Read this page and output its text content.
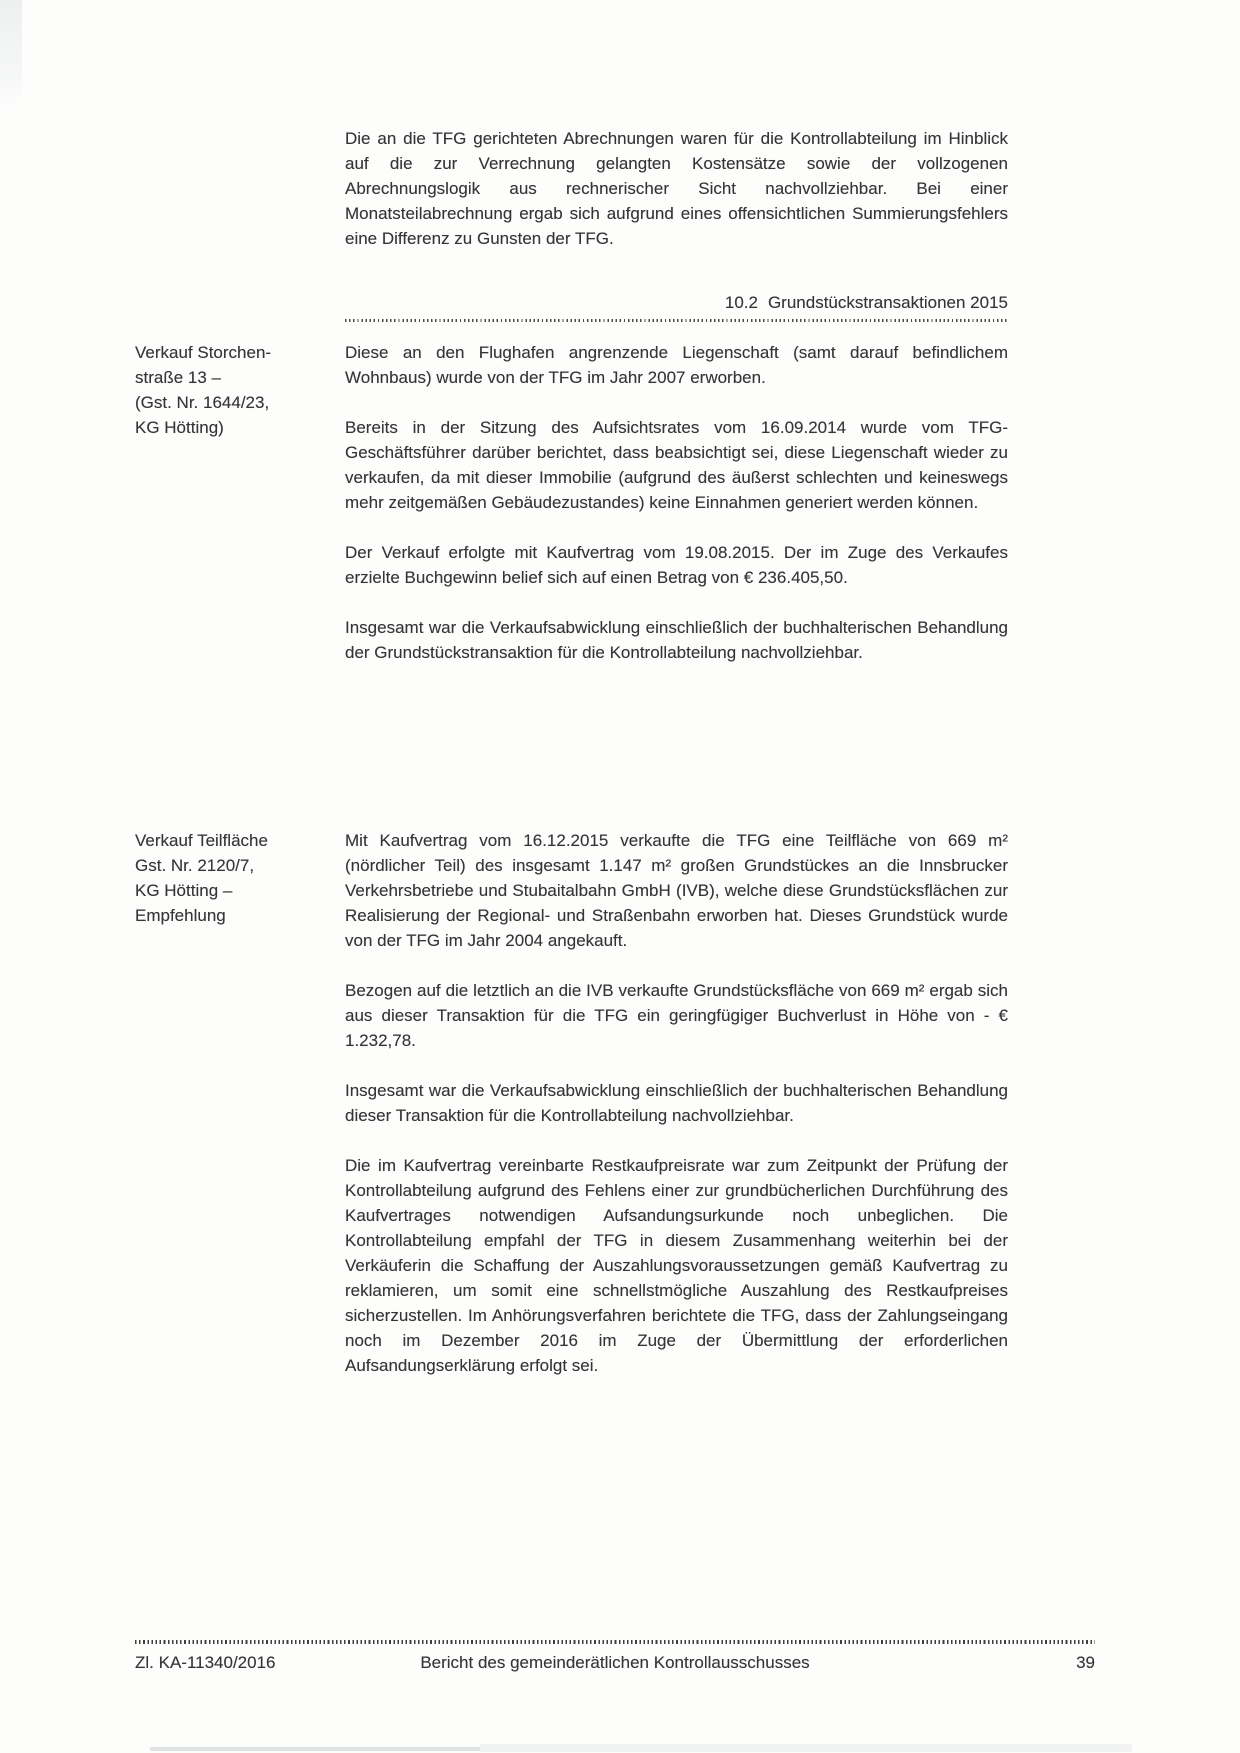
Die an die TFG gerichteten Abrechnungen waren für die Kontrollabteilung im Hinblick auf die zur Verrechnung gelangten Kostensätze sowie der vollzogenen Abrechnungslogik aus rechnerischer Sicht nachvollziehbar. Bei einer Monatsteilabrechnung ergab sich aufgrund eines offensichtlichen Summierungsfehlers eine Differenz zu Gunsten der TFG.

10.2 Grundstückstransaktionen 2015
Verkauf Storchen-
straße 13 –
(Gst. Nr. 1644/23,
KG Hötting)

Diese an den Flughafen angrenzende Liegenschaft (samt darauf befindlichem Wohnbaus) wurde von der TFG im Jahr 2007 erworben.

Bereits in der Sitzung des Aufsichtsrates vom 16.09.2014 wurde vom TFG-Geschäftsführer darüber berichtet, dass beabsichtigt sei, diese Liegenschaft wieder zu verkaufen, da mit dieser Immobilie (aufgrund des äußerst schlechten und keineswegs mehr zeitgemäßen Gebäudezustandes) keine Einnahmen generiert werden können.

Der Verkauf erfolgte mit Kaufvertrag vom 19.08.2015. Der im Zuge des Verkaufes erzielte Buchgewinn belief sich auf einen Betrag von € 236.405,50.

Insgesamt war die Verkaufsabwicklung einschließlich der buchhalterischen Behandlung der Grundstückstransaktion für die Kontrollabteilung nachvollziehbar.

Verkauf Teilfläche
Gst. Nr. 2120/7,
KG Hötting –
Empfehlung

Mit Kaufvertrag vom 16.12.2015 verkaufte die TFG eine Teilfläche von 669 m² (nördlicher Teil) des insgesamt 1.147 m² großen Grundstückes an die Innsbrucker Verkehrsbetriebe und Stubaitalbahn GmbH (IVB), welche diese Grundstücksflächen zur Realisierung der Regional- und Straßenbahn erworben hat. Dieses Grundstück wurde von der TFG im Jahr 2004 angekauft.

Bezogen auf die letztlich an die IVB verkaufte Grundstücksfläche von 669 m² ergab sich aus dieser Transaktion für die TFG ein geringfügiger Buchverlust in Höhe von - € 1.232,78.

Insgesamt war die Verkaufsabwicklung einschließlich der buchhalterischen Behandlung dieser Transaktion für die Kontrollabteilung nachvollziehbar.

Die im Kaufvertrag vereinbarte Restkaufpreisrate war zum Zeitpunkt der Prüfung der Kontrollabteilung aufgrund des Fehlens einer zur grundbücherlichen Durchführung des Kaufvertrages notwendigen Aufsandungsurkunde noch unbeglichen. Die Kontrollabteilung empfahl der TFG in diesem Zusammenhang weiterhin bei der Verkäuferin die Schaffung der Auszahlungsvoraussetzungen gemäß Kaufvertrag zu reklamieren, um somit eine schnellstmögliche Auszahlung des Restkaufpreises sicherzustellen. Im Anhörungsverfahren berichtete die TFG, dass der Zahlungseingang noch im Dezember 2016 im Zuge der Übermittlung der erforderlichen Aufsandungserklärung erfolgt sei.

Zl. KA-11340/2016	Bericht des gemeinderätlichen Kontrollausschusses	39
